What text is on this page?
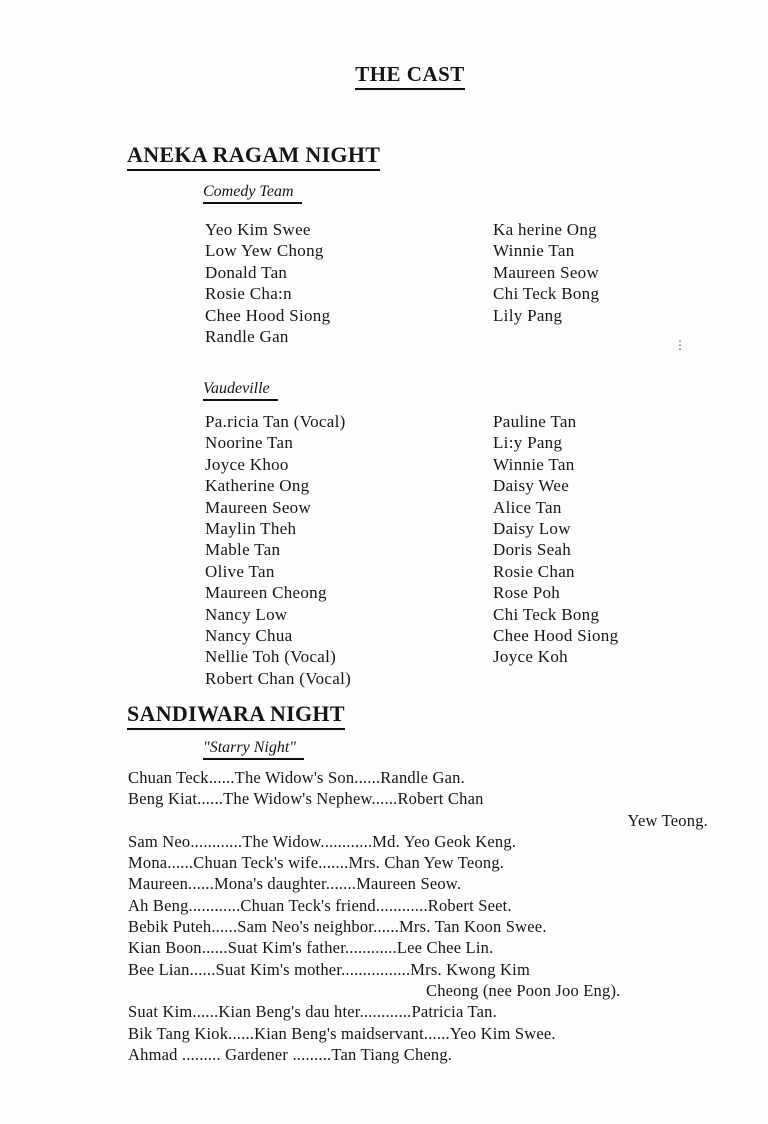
THE CAST
ANEKA RAGAM NIGHT
Comedy Team
Yeo Kim Swee
Low Yew Chong
Donald Tan
Rosie Cha:n
Chee Hood Siong
Randle Gan
Ka herine Ong
Winnie Tan
Maureen Seow
Chi Teck Bong
Lily Pang
Vaudeville
Pa.ricia Tan (Vocal)
Noorine Tan
Joyce Khoo
Katherine Ong
Maureen Seow
Maylin Theh
Mable Tan
Olive Tan
Maureen Cheong
Nancy Low
Nancy Chua
Nellie Toh (Vocal)
Robert Chan (Vocal)
Pauline Tan
Li:y Pang
Winnie Tan
Daisy Wee
Alice Tan
Daisy Low
Doris Seah
Rosie Chan
Rose Poh
Chi Teck Bong
Chee Hood Siong
Joyce Koh
SANDIWARA NIGHT
"Starry Night"
Chuan Teck......The Widow's Son......Randle Gan.
Beng Kiat......The Widow's Nephew......Robert Chan
Yew Teong.
Sam Neo............The Widow............Md. Yeo Geok Keng.
Mona......Chuan Teck's wife.......Mrs. Chan Yew Teong.
Maureen......Mona's daughter.......Maureen Seow.
Ah Beng............Chuan Teck's friend............Robert Seet.
Bebik Puteh......Sam Neo's neighbor......Mrs. Tan Koon Swee.
Kian Boon......Suat Kim's father............Lee Chee Lin.
Bee Lian......Suat Kim's mother................Mrs. Kwong Kim
Cheong (nee Poon Joo Eng).
Suat Kim......Kian Beng's dau hter............Patricia Tan.
Bik Tang Kiok......Kian Beng's maidservant......Yeo Kim Swee.
Ahmad ......... Gardener .........Tan Tiang Cheng.
⋮
